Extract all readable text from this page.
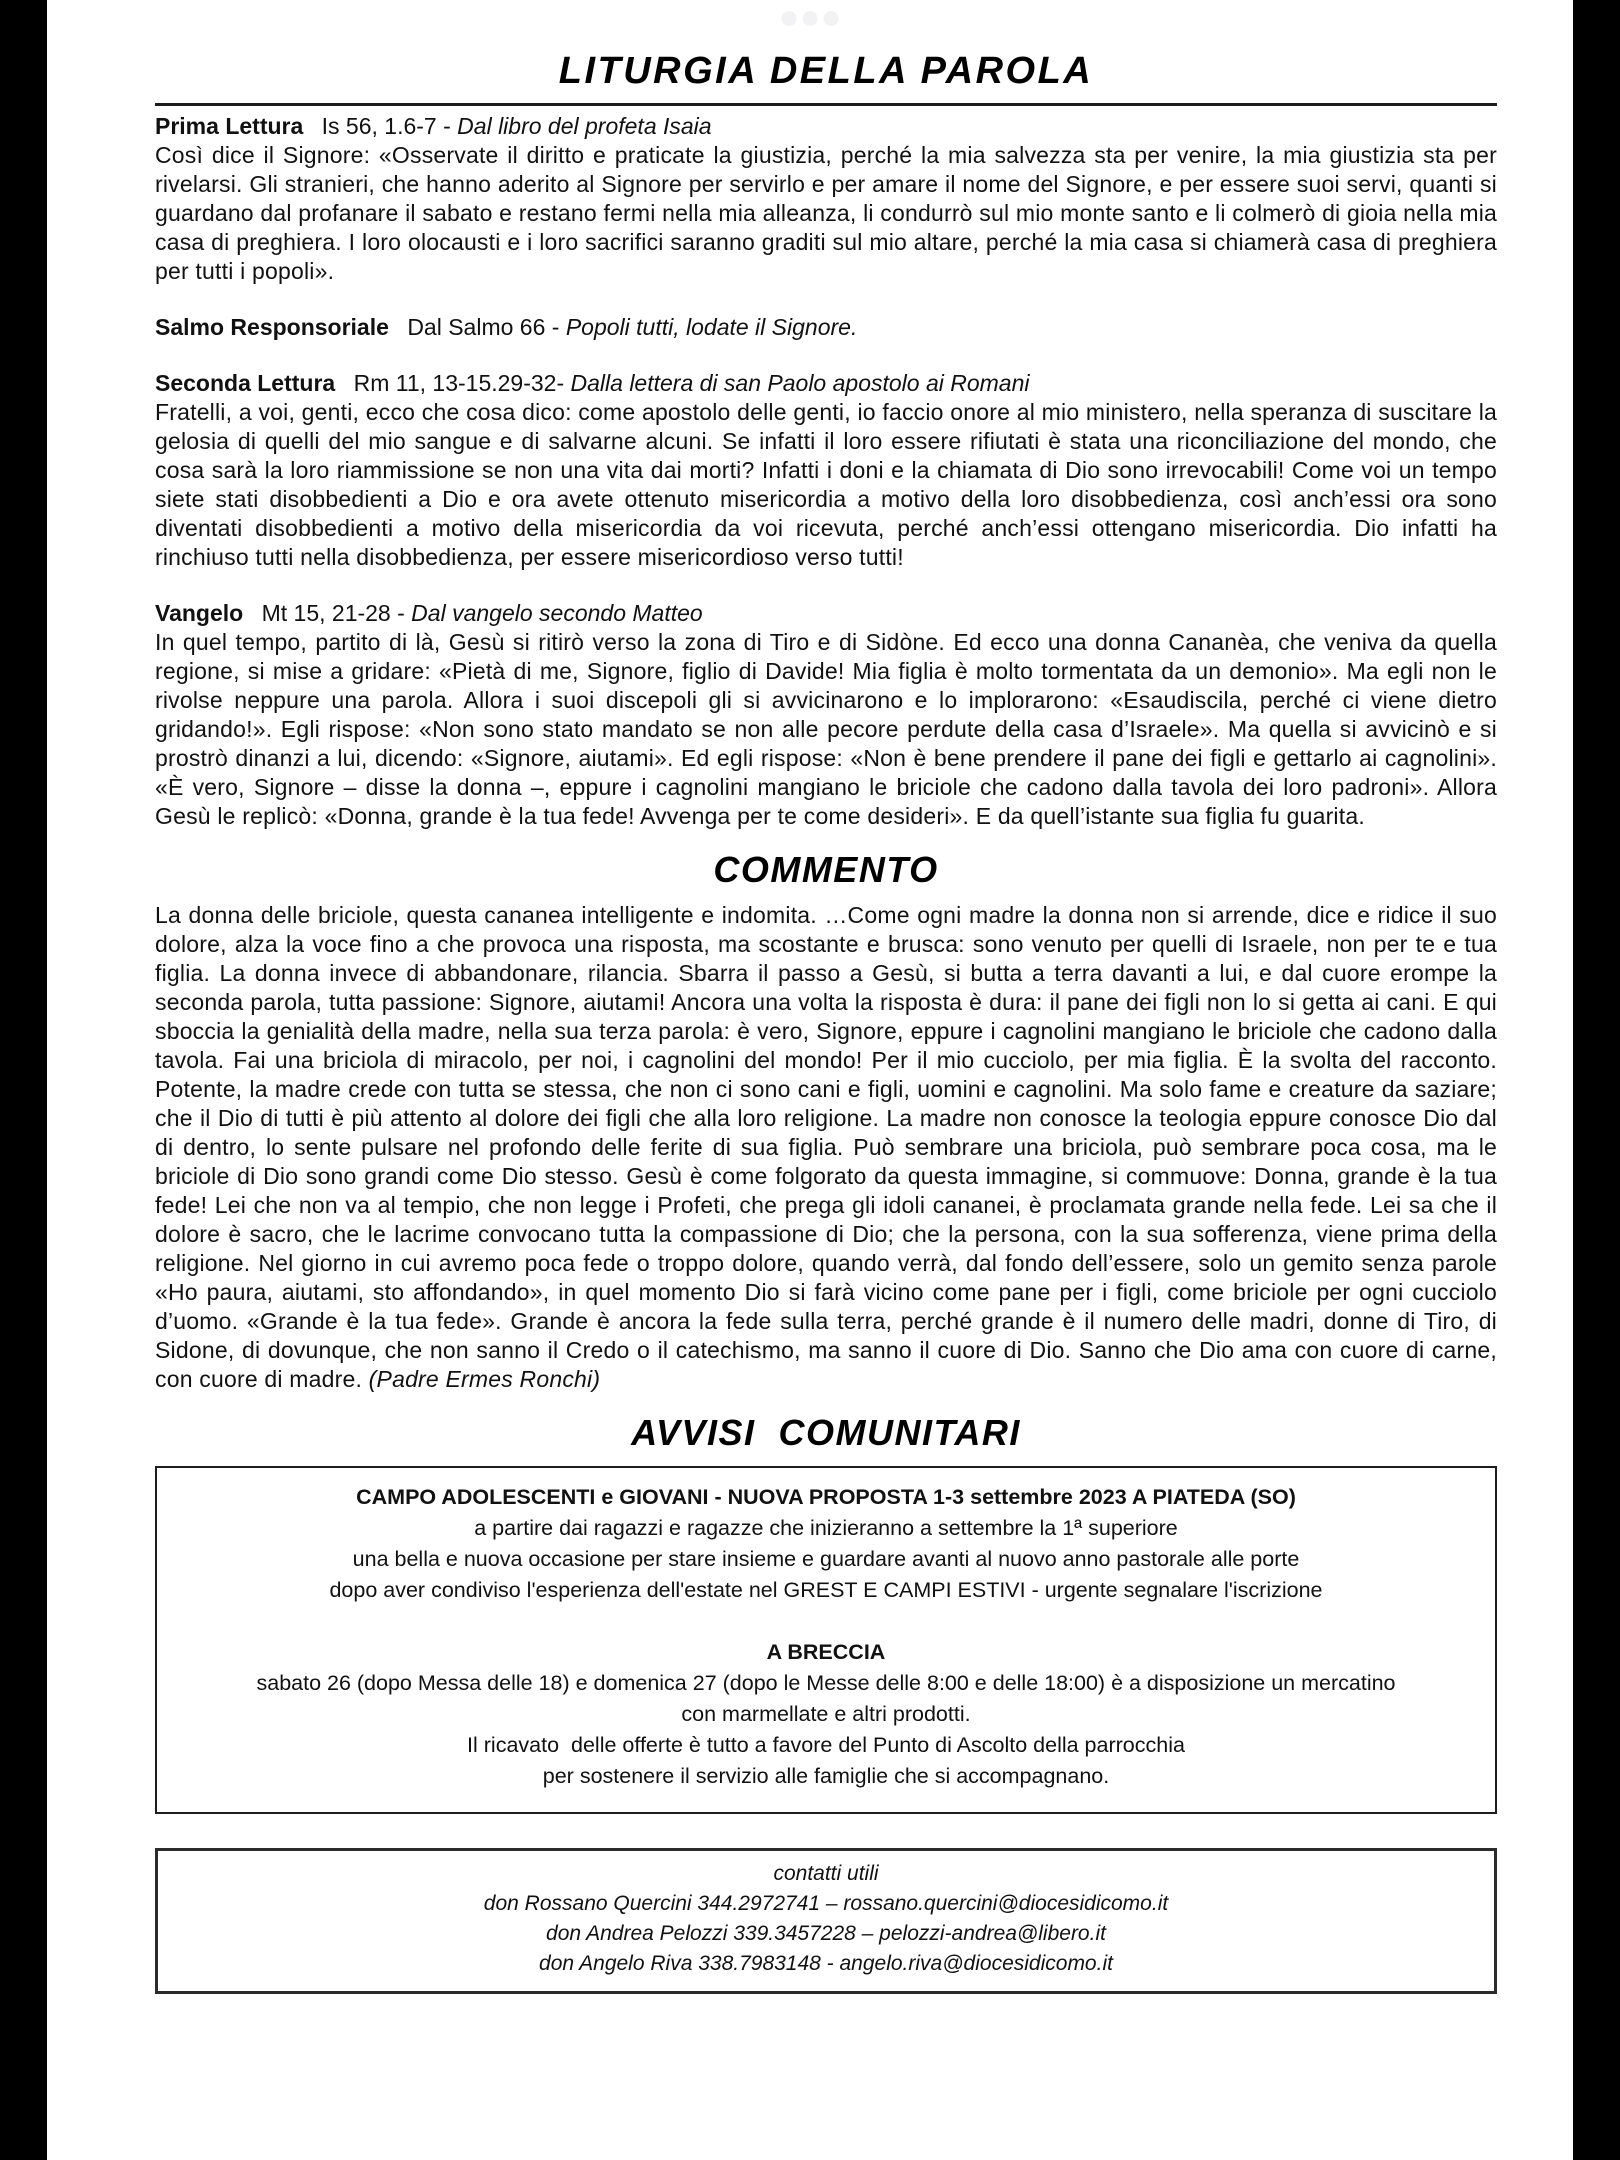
LITURGIA DELLA PAROLA

Prima Lettura Is 56, 1.6-7 - Dal libro del profeta Isaia

Così dice il Signore: «Osservate il diritto e praticate la giustizia, perché la mia salvezza sta per venire, la mia giustizia sta per rivelarsi. Gli stranieri, che hanno aderito al Signore per servirlo e per amare il nome del Signore, e per essere suoi servi, quanti si guardano dal profanare il sabato e restano fermi nella mia alleanza, li condurrò sul mio monte santo e li colmerò di gioia nella mia casa di preghiera. I loro olocausti e i loro sacrifici saranno graditi sul mio altare, perché la mia casa si chiamerà casa di preghiera per tutti i popoli».

Salmo Responsoriale Dal Salmo 66 - Popoli tutti, lodate il Signore.

Seconda Lettura Rm 11, 13-15.29-32- Dalla lettera di san Paolo apostolo ai Romani

Fratelli, a voi, genti, ecco che cosa dico: come apostolo delle genti, io faccio onore al mio ministero, nella speranza di suscitare la gelosia di quelli del mio sangue e di salvarne alcuni. Se infatti il loro essere rifiutati è stata una riconciliazione del mondo, che cosa sarà la loro riammissione se non una vita dai morti? Infatti i doni e la chiamata di Dio sono irrevocabili! Come voi un tempo siete stati disobbedienti a Dio e ora avete ottenuto misericordia a motivo della loro disobbedienza, così anch’essi ora sono diventati disobbedienti a motivo della misericordia da voi ricevuta, perché anch’essi ottengano misericordia. Dio infatti ha rinchiuso tutti nella disobbedienza, per essere misericordioso verso tutti!

Vangelo Mt 15, 21-28 - Dal vangelo secondo Matteo

In quel tempo, partito di là, Gesù si ritirò verso la zona di Tiro e di Sidòne. Ed ecco una donna Cananèa, che veniva da quella regione, si mise a gridare: «Pietà di me, Signore, figlio di Davide! Mia figlia è molto tormentata da un demonio». Ma egli non le rivolse neppure una parola. Allora i suoi discepoli gli si avvicinarono e lo implorarono: «Esaudiscila, perché ci viene dietro gridando!». Egli rispose: «Non sono stato mandato se non alle pecore perdute della casa d’Israele». Ma quella si avvicinò e si prostrò dinanzi a lui, dicendo: «Signore, aiutami». Ed egli rispose: «Non è bene prendere il pane dei figli e gettarlo ai cagnolini». «È vero, Signore – disse la donna –, eppure i cagnolini mangiano le briciole che cadono dalla tavola dei loro padroni». Allora Gesù le replicò: «Donna, grande è la tua fede! Avvenga per te come desideri». E da quell’istante sua figlia fu guarita.

COMMENTO

La donna delle briciole, questa cananea intelligente e indomita. …Come ogni madre la donna non si arrende, dice e ridice il suo dolore, alza la voce fino a che provoca una risposta, ma scostante e brusca: sono venuto per quelli di Israele, non per te e tua figlia. La donna invece di abbandonare, rilancia. Sbarra il passo a Gesù, si butta a terra davanti a lui, e dal cuore erompe la seconda parola, tutta passione: Signore, aiutami! Ancora una volta la risposta è dura: il pane dei figli non lo si getta ai cani. E qui sboccia la genialità della madre, nella sua terza parola: è vero, Signore, eppure i cagnolini mangiano le briciole che cadono dalla tavola. Fai una briciola di miracolo, per noi, i cagnolini del mondo! Per il mio cucciolo, per mia figlia. È la svolta del racconto. Potente, la madre crede con tutta se stessa, che non ci sono cani e figli, uomini e cagnolini. Ma solo fame e creature da saziare; che il Dio di tutti è più attento al dolore dei figli che alla loro religione. La madre non conosce la teologia eppure conosce Dio dal di dentro, lo sente pulsare nel profondo delle ferite di sua figlia. Può sembrare una briciola, può sembrare poca cosa, ma le briciole di Dio sono grandi come Dio stesso. Gesù è come folgorato da questa immagine, si commuove: Donna, grande è la tua fede! Lei che non va al tempio, che non legge i Profeti, che prega gli idoli cananei, è proclamata grande nella fede. Lei sa che il dolore è sacro, che le lacrime convocano tutta la compassione di Dio; che la persona, con la sua sofferenza, viene prima della religione. Nel giorno in cui avremo poca fede o troppo dolore, quando verrà, dal fondo dell’essere, solo un gemito senza parole «Ho paura, aiutami, sto affondando», in quel momento Dio si farà vicino come pane per i figli, come briciole per ogni cucciolo d’uomo. «Grande è la tua fede». Grande è ancora la fede sulla terra, perché grande è il numero delle madri, donne di Tiro, di Sidone, di dovunque, che non sanno il Credo o il catechismo, ma sanno il cuore di Dio. Sanno che Dio ama con cuore di carne, con cuore di madre. (Padre Ermes Ronchi)

AVVISI  COMUNITARI
CAMPO ADOLESCENTI e GIOVANI - NUOVA PROPOSTA 1-3 settembre 2023 A PIATEDA (SO)
a partire dai ragazzi e ragazze che inizieranno a settembre la 1ª superiore
una bella e nuova occasione per stare insieme e guardare avanti al nuovo anno pastorale alle porte
dopo aver condiviso l'esperienza dell'estate nel GREST E CAMPI ESTIVI - urgente segnalare l'iscrizione
A BRECCIA
sabato 26 (dopo Messa delle 18) e domenica 27 (dopo le Messe delle 8:00 e delle 18:00) è a disposizione un mercatino
con marmellate e altri prodotti.
Il ricavato  delle offerte è tutto a favore del Punto di Ascolto della parrocchia
per sostenere il servizio alle famiglie che si accompagnano.
contatti utili
don Rossano Quercini 344.2972741 – rossano.quercini@diocesidicomo.it
don Andrea Pelozzi 339.3457228 – pelozzi-andrea@libero.it
don Angelo Riva 338.7983148 - angelo.riva@diocesidicomo.it
